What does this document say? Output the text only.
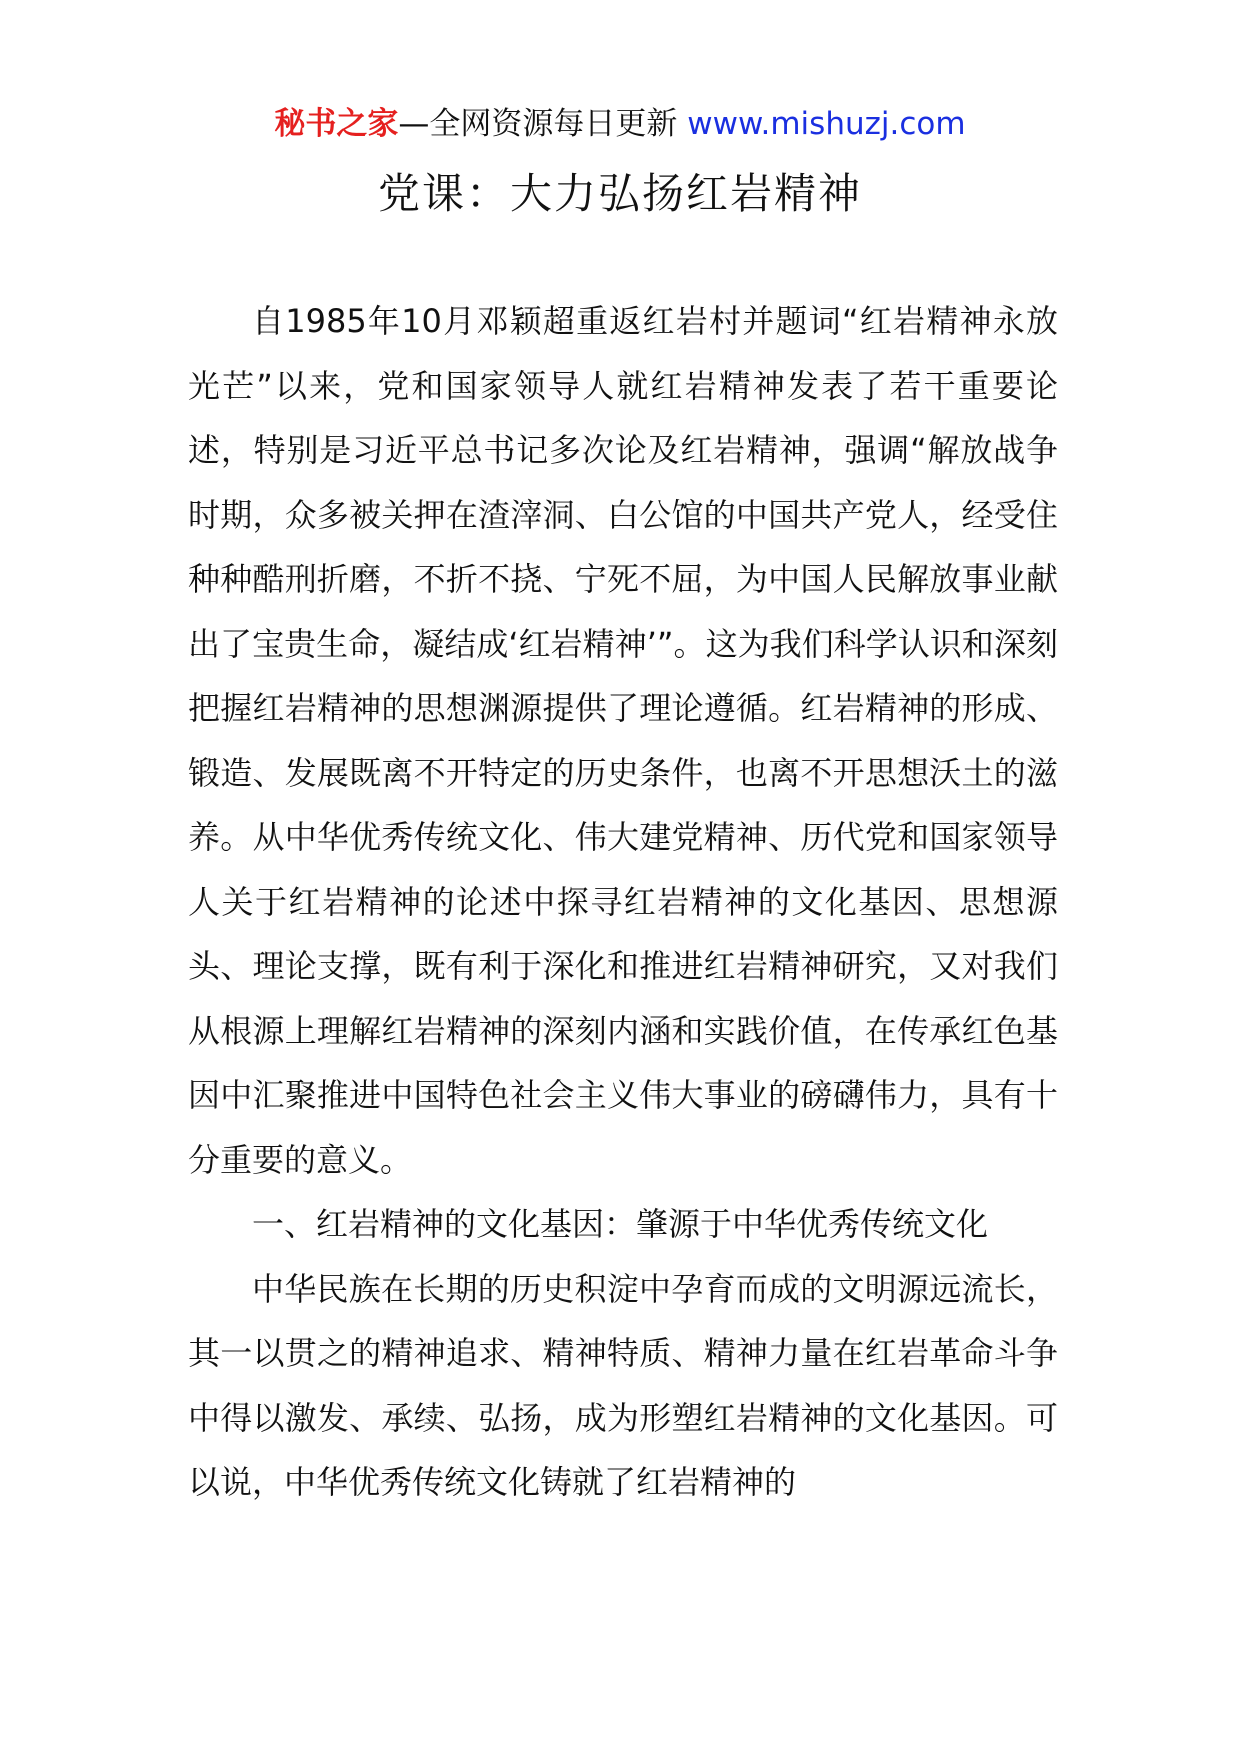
秘书之家—全网资源每日更新 www.mishuzj.com
党课：大力弘扬红岩精神

自1985年10月邓颖超重返红岩村并题词“红岩精神永放光芒”以来，党和国家领导人就红岩精神发表了若干重要论述，特别是习近平总书记多次论及红岩精神，强调“解放战争时期，众多被关押在渣滓洞、白公馆的中国共产党人，经受住种种酷刑折磨，不折不挠、宁死不屈，为中国人民解放事业献出了宝贵生命，凝结成‘红岩精神’”。这为我们科学认识和深刻把握红岩精神的思想渊源提供了理论遵循。红岩精神的形成、锻造、发展既离不开特定的历史条件，也离不开思想沃土的滋养。从中华优秀传统文化、伟大建党精神、历代党和国家领导人关于红岩精神的论述中探寻红岩精神的文化基因、思想源头、理论支撑，既有利于深化和推进红岩精神研究，又对我们从根源上理解红岩精神的深刻内涵和实践价值，在传承红色基因中汇聚推进中国特色社会主义伟大事业的磅礴伟力，具有十分重要的意义。

一、红岩精神的文化基因：肇源于中华优秀传统文化

中华民族在长期的历史积淀中孕育而成的文明源远流长，其一以贯之的精神追求、精神特质、精神力量在红岩革命斗争中得以激发、承续、弘扬，成为形塑红岩精神的文化基因。可以说，中华优秀传统文化铸就了红岩精神的
